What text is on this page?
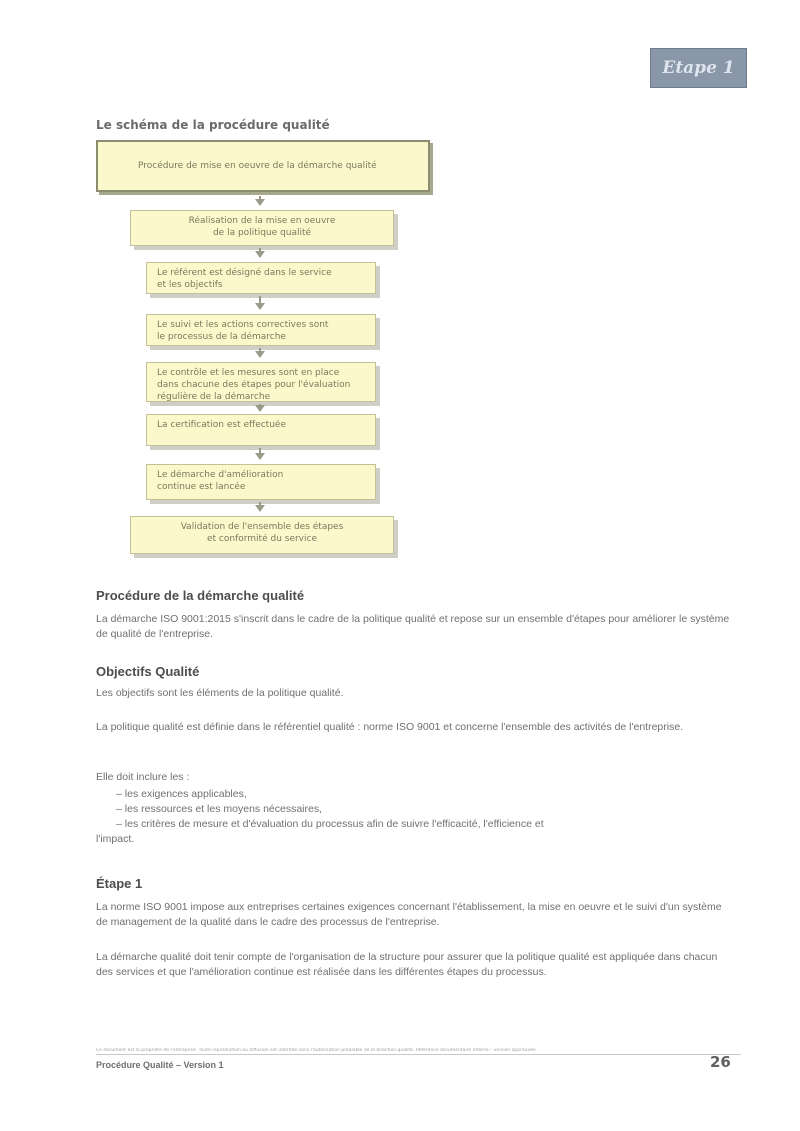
Etape 1
Le schéma de la procédure qualité
Procédure de mise en oeuvre de la démarche qualité
Réalisation de la mise en oeuvre
de la politique qualité
Le référent est désigné dans le service
et les objectifs
Le suivi et les actions correctives sont
le processus de la démarche
Le contrôle et les mesures sont en place
dans chacune des étapes pour l'évaluation
régulière de la démarche
La certification est effectuée
Le démarche d'amélioration
continue est lancée
Validation de l'ensemble des étapes
et conformité du service
Procédure de la démarche qualité
La démarche ISO 9001:2015 s'inscrit dans le cadre de la politique qualité et repose sur un ensemble d'étapes pour améliorer le système de qualité de l'entreprise.
Objectifs Qualité
Les objectifs sont les éléments de la politique qualité.
La politique qualité est définie dans le référentiel qualité : norme ISO 9001 et concerne l'ensemble des activités de l'entreprise.
Elle doit inclure les :
– les exigences applicables,
– les ressources et les moyens nécessaires,
– les critères de mesure et d'évaluation du processus afin de suivre l'efficacité, l'efficience et
l'impact.
Étape 1
La norme ISO 9001 impose aux entreprises certaines exigences concernant l'établissement, la mise en oeuvre et le suivi d'un système de management de la qualité dans le cadre des processus de l'entreprise.
La démarche qualité doit tenir compte de l'organisation de la structure pour assurer que la politique qualité est appliquée dans chacun des services et que l'amélioration continue est réalisée dans les différentes étapes du processus.
Ce document est la propriété de l'entreprise. Toute reproduction ou diffusion est interdite sans l'autorisation préalable de la direction qualité. Référence documentaire interne – version approuvée.
Procédure Qualité – Version 1	26
